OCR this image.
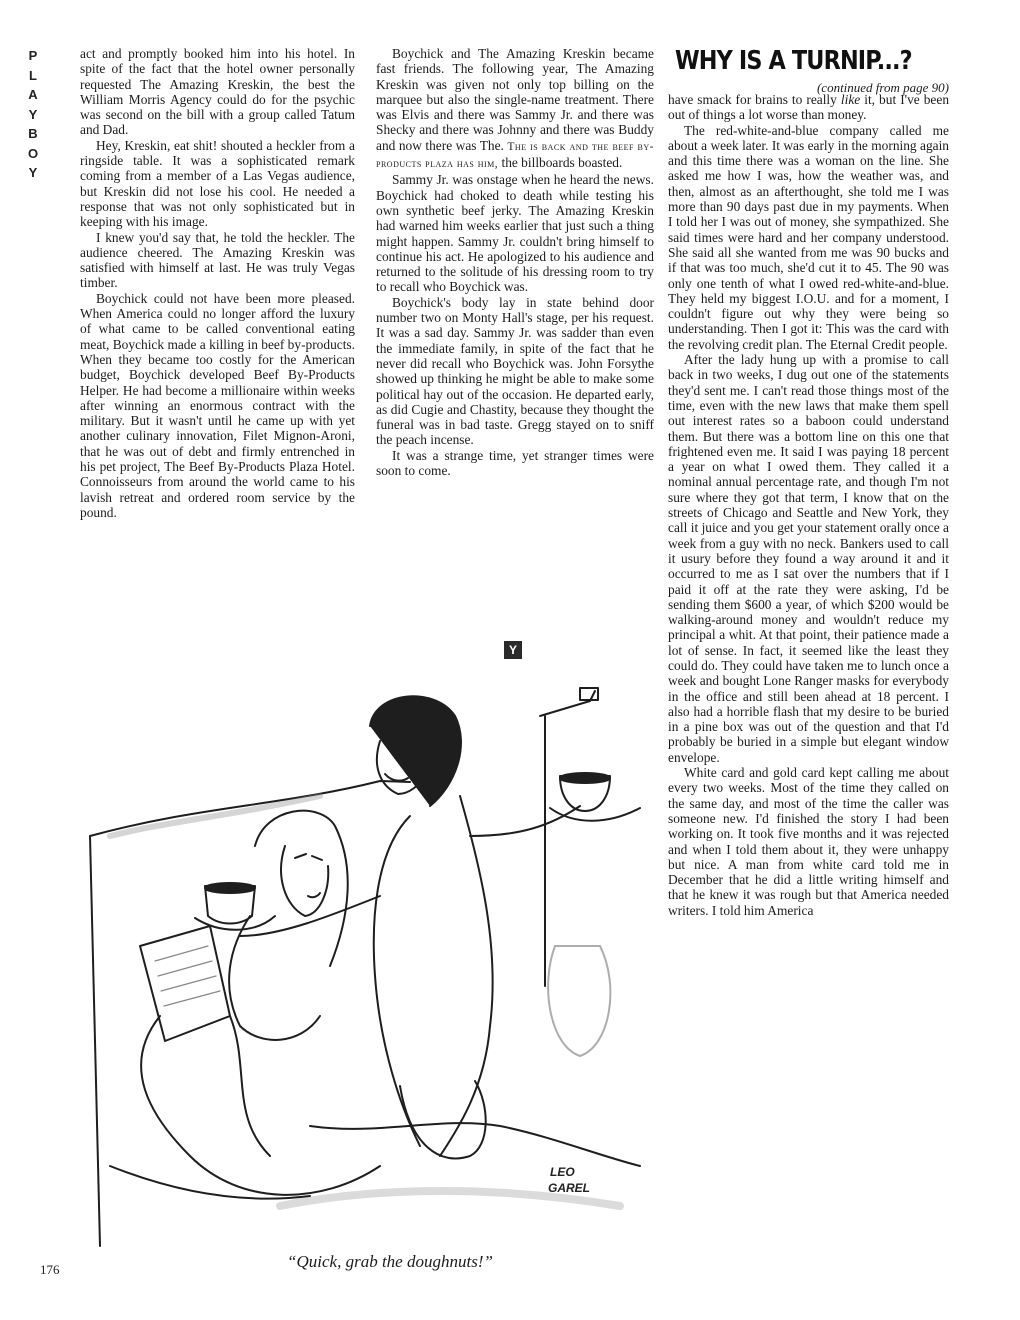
P
L
A
Y
B
O
Y

act and promptly booked him into his hotel. In spite of the fact that the hotel owner personally requested The Amazing Kreskin, the best the William Morris Agency could do for the psychic was second on the bill with a group called Tatum and Dad.

Hey, Kreskin, eat shit! shouted a heckler from a ringside table. It was a sophisticated remark coming from a member of a Las Vegas audience, but Kreskin did not lose his cool. He needed a response that was not only sophisticated but in keeping with his image.

I knew you'd say that, he told the heckler. The audience cheered. The Amazing Kreskin was satisfied with himself at last. He was truly Vegas timber.

Boychick could not have been more pleased. When America could no longer afford the luxury of what came to be called conventional eating meat, Boychick made a killing in beef by-products. When they became too costly for the American budget, Boychick developed Beef By-Products Helper. He had become a millionaire within weeks after winning an enormous contract with the military. But it wasn't until he came up with yet another culinary innovation, Filet Mignon-Aroni, that he was out of debt and firmly entrenched in his pet project, The Beef By-Products Plaza Hotel. Connoisseurs from around the world came to his lavish retreat and ordered room service by the pound.

Boychick and The Amazing Kreskin became fast friends. The following year, The Amazing Kreskin was given not only top billing on the marquee but also the single-name treatment. There was Elvis and there was Sammy Jr. and there was Shecky and there was Johnny and there was Buddy and now there was The. The is back and the beef by-products plaza has him, the billboards boasted.

Sammy Jr. was onstage when he heard the news. Boychick had choked to death while testing his own synthetic beef jerky. The Amazing Kreskin had warned him weeks earlier that just such a thing might happen. Sammy Jr. couldn't bring himself to continue his act. He apologized to his audience and returned to the solitude of his dressing room to try to recall who Boychick was.

Boychick's body lay in state behind door number two on Monty Hall's stage, per his request. It was a sad day. Sammy Jr. was sadder than even the immediate family, in spite of the fact that he never did recall who Boychick was. John Forsythe showed up thinking he might be able to make some political hay out of the occasion. He departed early, as did Cugie and Chastity, because they thought the funeral was in bad taste. Gregg stayed on to sniff the peach incense.

It was a strange time, yet stranger times were soon to come.

Y
WHY IS A TURNIP...?
(continued from page 90)

have smack for brains to really like it, but I've been out of things a lot worse than money.

The red-white-and-blue company called me about a week later. It was early in the morning again and this time there was a woman on the line. She asked me how I was, how the weather was, and then, almost as an afterthought, she told me I was more than 90 days past due in my payments. When I told her I was out of money, she sympathized. She said times were hard and her company understood. She said all she wanted from me was 90 bucks and if that was too much, she'd cut it to 45. The 90 was only one tenth of what I owed red-white-and-blue. They held my biggest I.O.U. and for a moment, I couldn't figure out why they were being so understanding. Then I got it: This was the card with the revolving credit plan. The Eternal Credit people.

After the lady hung up with a promise to call back in two weeks, I dug out one of the statements they'd sent me. I can't read those things most of the time, even with the new laws that make them spell out interest rates so a baboon could understand them. But there was a bottom line on this one that frightened even me. It said I was paying 18 percent a year on what I owed them. They called it a nominal annual percentage rate, and though I'm not sure where they got that term, I know that on the streets of Chicago and Seattle and New York, they call it juice and you get your statement orally once a week from a guy with no neck. Bankers used to call it usury before they found a way around it and it occurred to me as I sat over the numbers that if I paid it off at the rate they were asking, I'd be sending them $600 a year, of which $200 would be walking-around money and wouldn't reduce my principal a whit. At that point, their patience made a lot of sense. In fact, it seemed like the least they could do. They could have taken me to lunch once a week and bought Lone Ranger masks for everybody in the office and still been ahead at 18 percent. I also had a horrible flash that my desire to be buried in a pine box was out of the question and that I'd probably be buried in a simple but elegant window envelope.

White card and gold card kept calling me about every two weeks. Most of the time they called on the same day, and most of the time the caller was someone new. I'd finished the story I had been working on. It took five months and it was rejected and when I told them about it, they were unhappy but nice. A man from white card told me in December that he did a little writing himself and that he knew it was rough but that America needed writers. I told him America

LEO
GAREL
“Quick, grab the doughnuts!”
176
